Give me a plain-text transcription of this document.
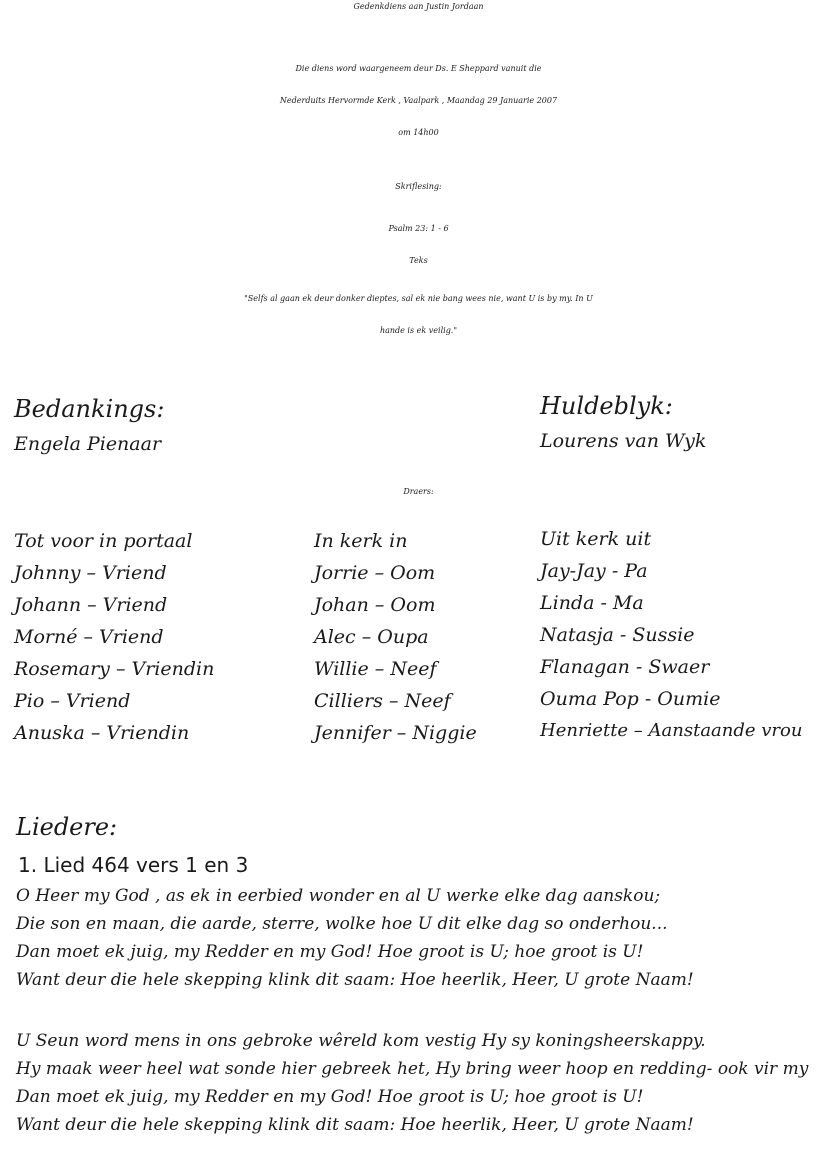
Gedenkdiens aan Justin Jordaan
Die diens word waargeneem deur Ds. E Sheppard vanuit die
Nederduits Hervormde Kerk , Vaalpark , Maandag 29 Januarie 2007
om 14h00
Skriflesing:
Psalm 23: 1 - 6
Teks
"Selfs al gaan ek deur donker dieptes, sal ek nie bang wees nie, want U is by my. In U
hande is ek veilig."
Bedankings:
Engela Pienaar
Huldeblyk:
Lourens van Wyk
Draers:
Tot voor in portaal
Johnny – Vriend
Johann – Vriend
Morné – Vriend
Rosemary – Vriendin
Pio – Vriend
Anuska – Vriendin
In kerk in
Jorrie – Oom
Johan – Oom
Alec – Oupa
Willie – Neef
Cilliers – Neef
Jennifer – Niggie
Uit kerk uit
Jay-Jay - Pa
Linda - Ma
Natasja - Sussie
Flanagan - Swaer
Ouma Pop - Oumie
Henriette – Aanstaande vrou
Liedere:
1. Lied 464 vers 1 en 3
O Heer my God , as ek in eerbied wonder en al U werke elke dag aanskou;
Die son en maan, die aarde, sterre, wolke hoe U dit elke dag so onderhou...
Dan moet ek juig, my Redder en my God! Hoe groot is U; hoe groot is U!
Want deur die hele skepping klink dit saam: Hoe heerlik, Heer, U grote Naam!
U Seun word mens in ons gebroke wêreld kom vestig Hy sy koningsheerskappy.
Hy maak weer heel wat sonde hier gebreek het, Hy bring weer hoop en redding- ook vir my
Dan moet ek juig, my Redder en my God! Hoe groot is U; hoe groot is U!
Want deur die hele skepping klink dit saam: Hoe heerlik, Heer, U grote Naam!
